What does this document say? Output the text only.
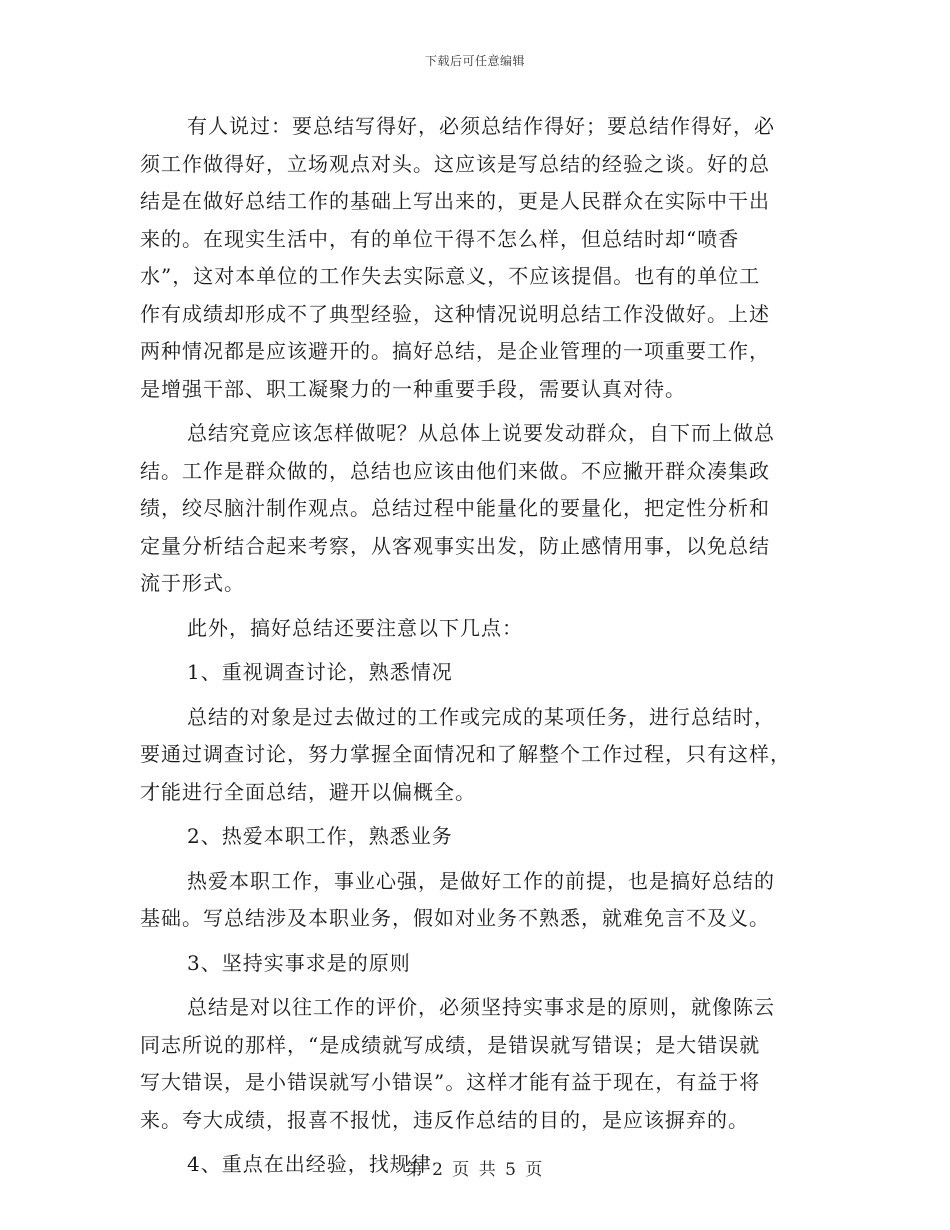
下载后可任意编辑

有人说过：要总结写得好，必须总结作得好；要总结作得好，必

须工作做得好，立场观点对头。这应该是写总结的经验之谈。好的总

结是在做好总结工作的基础上写出来的，更是人民群众在实际中干出

来的。在现实生活中，有的单位干得不怎么样，但总结时却“喷香

水”，这对本单位的工作失去实际意义，不应该提倡。也有的单位工

作有成绩却形成不了典型经验，这种情况说明总结工作没做好。上述

两种情况都是应该避开的。搞好总结，是企业管理的一项重要工作，

是增强干部、职工凝聚力的一种重要手段，需要认真对待。

总结究竟应该怎样做呢？从总体上说要发动群众，自下而上做总

结。工作是群众做的，总结也应该由他们来做。不应撇开群众凑集政

绩，绞尽脑汁制作观点。总结过程中能量化的要量化，把定性分析和

定量分析结合起来考察，从客观事实出发，防止感情用事，以免总结

流于形式。

此外，搞好总结还要注意以下几点：

1、重视调查讨论，熟悉情况

总结的对象是过去做过的工作或完成的某项任务，进行总结时，

要通过调查讨论，努力掌握全面情况和了解整个工作过程，只有这样，

才能进行全面总结，避开以偏概全。

2、热爱本职工作，熟悉业务

热爱本职工作，事业心强，是做好工作的前提，也是搞好总结的

基础。写总结涉及本职业务，假如对业务不熟悉，就难免言不及义。

3、坚持实事求是的原则

总结是对以往工作的评价，必须坚持实事求是的原则，就像陈云

同志所说的那样，“是成绩就写成绩，是错误就写错误；是大错误就

写大错误，是小错误就写小错误”。这样才能有益于现在，有益于将

来。夸大成绩，报喜不报忧，违反作总结的目的，是应该摒弃的。

4、重点在出经验，找规律

第 2 页 共 5 页
